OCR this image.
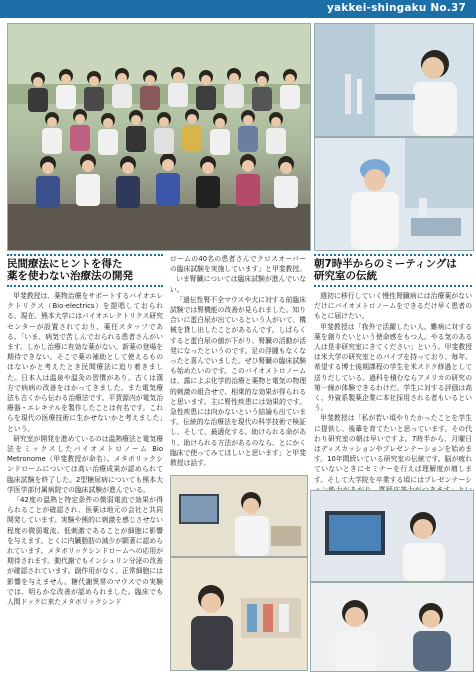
yakkei-shingaku No.37
民間療法にヒントを得た
薬を使わない治療法の開発

甲斐教授は、薬物治療をサポートするバイオエレクトリクス（Bio-electrics）を提唱しておられる。現在、熊本大学にはバイオエレクトリクス研究センターが設置されており、薬任スタッフである。「いま、病気で苦しんでおられる患者さんがいます。しかし治療に有効な薬がない。新薬の登場を期待できない。そこで薬の補助として使えるものはないかと考えたとき民間療法に追り着きました。日本人は温泉や温灸の習慣があり、古くは漢方で病病の改善をはかってきました。また電気療法も古くから伝わる治療法です。平賀源内が電気治療器・エレキテルを製作したことは有名です。これらを現代の医療技術に生かせないかと考えました」という。

研究室が開発を進めているのは温熱療法と電気療法をミックスしたバイオメトロノーム Bio Metronome（甲斐教授が命名）。メタボリックシンドロームについては高い治療成果が認められて臨床試験を終了した。2型糖尿病についても熊本大学医学部付属病院での臨床試験が進んでいる。

「42度の温熱と特定条件の微弱電流で効果が得られることが確認され、医薬は地元の会社と共同開発しています。実験や熊的に刺激を感じさせない程度の微弱電流。低刺激であることが細胞に影響を与えます。とくに内臓脂肪の減少が顕著に認められています。メタボリックシンドロームへの応用が期待されます。動代謝でもインシュリン分泌の改善が確認されています。副作用がなく、正常細胞には影響を与えません。糖代謝異常のマウスでの実験では、明らかな改善が認められました。臨床でも人間ドックに来たメタボリックシンド

ロームの40名の患者さんでクロスオーバーの臨床試験を実施しています」と甲斐教授。

いま腎臓については臨床試験が進んでいない。

「過伝性腎不全マウスや犬に対する前臨床試験では腎機能の改善が見られました。知り合いに蛋白尿が出ているという人がいて、機械を貸し出したことがあるんです。しばらくすると蛋白尿の値が下がり、腎臓の活動が活発になったというのです。足の浮腫もなくなったと喜んでいました。ぜひ腎臓の臨床試験も始めたいのです。このバイオメトロノームは、露によぶ化学的治療と薬物と電気の物理的刺激の組合せで、相乗的な効果が得られると思います。主に腎性疾患には効果的です。急性疾患には向かないという結論も出ています。伝統的な治療法を現代の科学技術で検証し、そして、最適化する。助けられる命があり、助けられる方法があるのなら、とにかく臨床で使ってみてほしいと思います」と甲斐教授は話す。

朝7時半からのミーティングは
研究室の伝統

週初に移行していく慢性腎臓病には治療薬がないだけにバイオメトロノームをできるだけ早く患者のもとに届けたい。

甲斐教授は「我外で活躍したい人、難病に対する薬を創りたいという使命感をもつ人。やる気のある人は是非研究室にきてください」という。甲斐教授は米大学の研究室とのパイプを持っており、毎年、希望する博士後期課程の学生を米スドク修過として送りだしている。過科を積むならアメリカの研究の第一線が体験できるわけだ。学生に対する評価は高く、外資系製薬企業に本社採用される者もいるという。

甲斐教授は「私が若い頃やりたかったことを学生に提供し、後輩を育てたいと思っています。その代わり研究室の朝は早いですよ。7時半から、月曜日はディスカッションやプレゼンテーションを始めます。10年間続いている研究室の伝統です。脳が疲れていないときにセミナーを行えば理解度が増します。そして大学院を卒業する頃にはプレゼンテーシ
